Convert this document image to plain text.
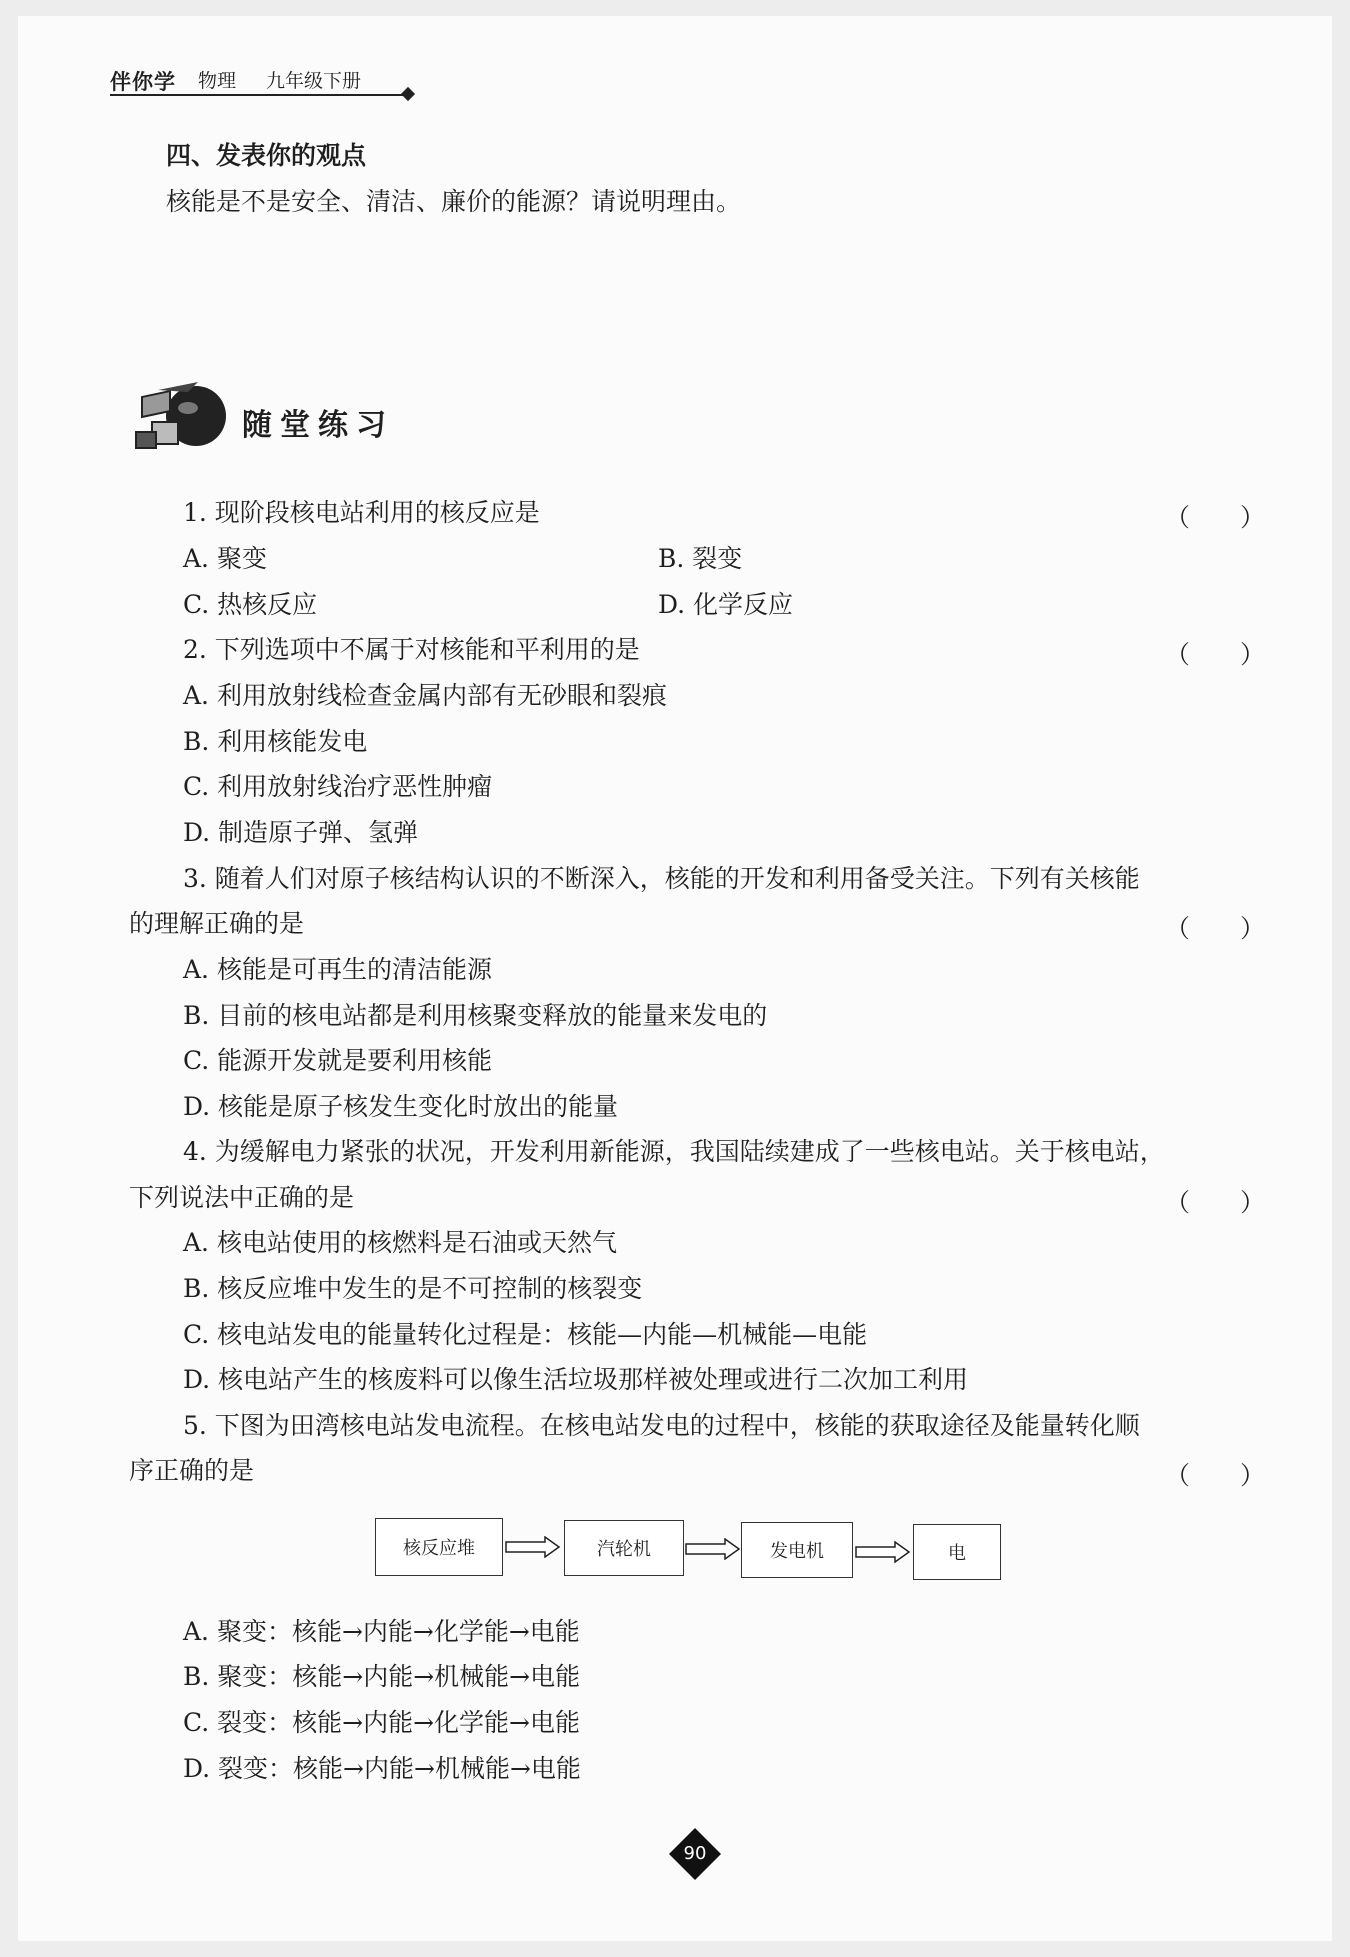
伴你学 物理 九年级下册
四、发表你的观点
核能是不是安全、清洁、廉价的能源？请说明理由。
随堂练习
1. 现阶段核电站利用的核反应是	（　　）
A. 聚变	B. 裂变
C. 热核反应	D. 化学反应
2. 下列选项中不属于对核能和平利用的是	（　　）
A. 利用放射线检查金属内部有无砂眼和裂痕
B. 利用核能发电
C. 利用放射线治疗恶性肿瘤
D. 制造原子弹、氢弹
3. 随着人们对原子核结构认识的不断深入，核能的开发和利用备受关注。下列有关核能
的理解正确的是	（　　）
A. 核能是可再生的清洁能源
B. 目前的核电站都是利用核聚变释放的能量来发电的
C. 能源开发就是要利用核能
D. 核能是原子核发生变化时放出的能量
4. 为缓解电力紧张的状况，开发利用新能源，我国陆续建成了一些核电站。关于核电站，
下列说法中正确的是	（　　）
A. 核电站使用的核燃料是石油或天然气
B. 核反应堆中发生的是不可控制的核裂变
C. 核电站发电的能量转化过程是：核能—内能—机械能—电能
D. 核电站产生的核废料可以像生活垃圾那样被处理或进行二次加工利用
5. 下图为田湾核电站发电流程。在核电站发电的过程中，核能的获取途径及能量转化顺
序正确的是	（　　）
核反应堆	汽轮机	发电机	电
A. 聚变：核能→内能→化学能→电能
B. 聚变：核能→内能→机械能→电能
C. 裂变：核能→内能→化学能→电能
D. 裂变：核能→内能→机械能→电能
90
